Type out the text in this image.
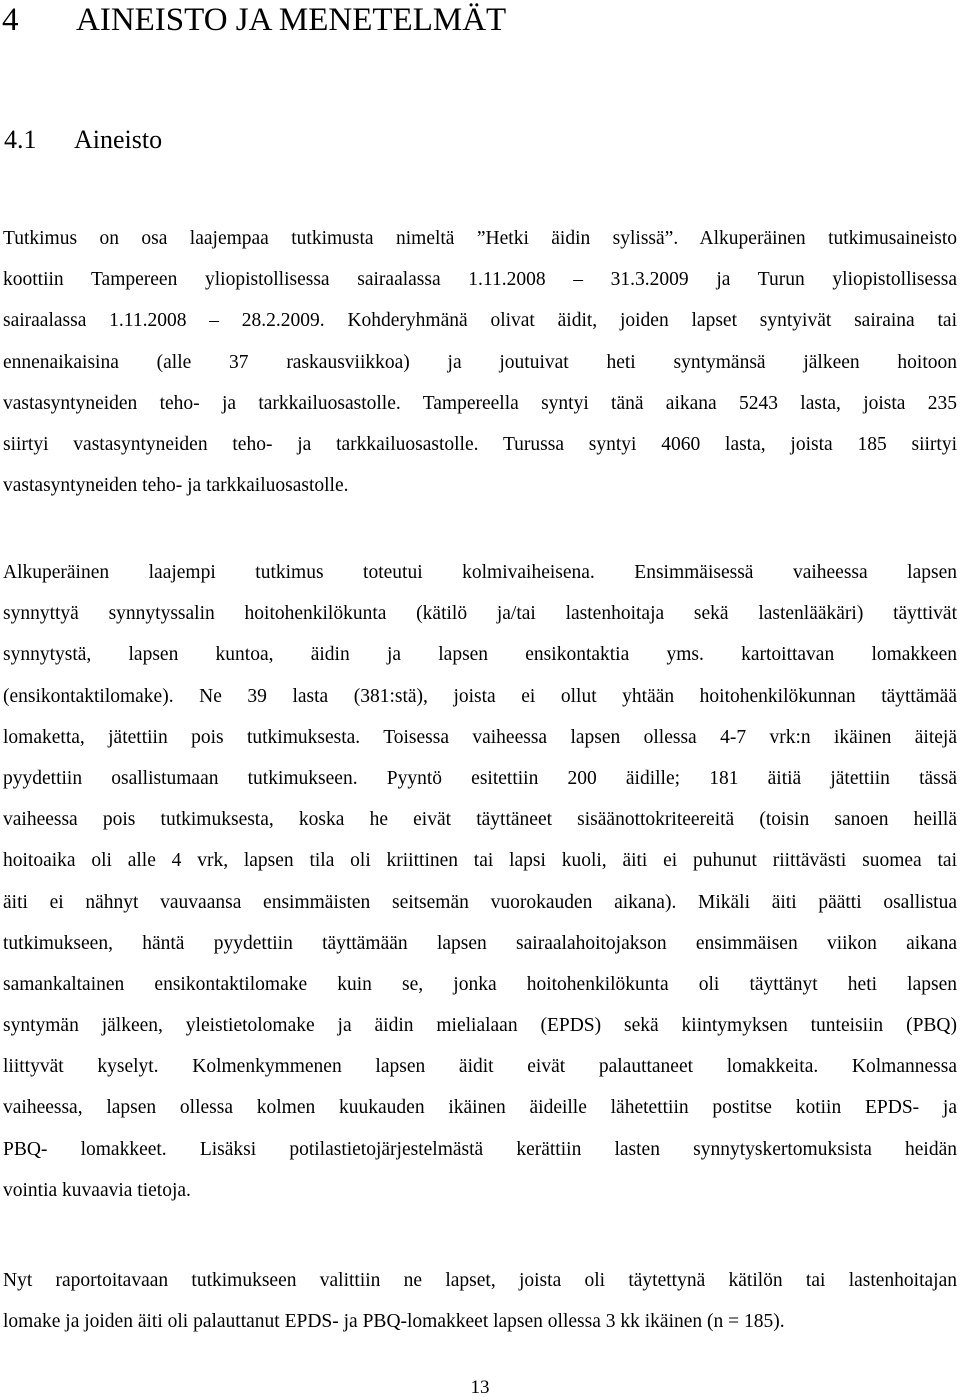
4 AINEISTO JA MENETELMÄT
4.1 Aineisto

Tutkimus on osa laajempaa tutkimusta nimeltä ”Hetki äidin sylissä”. Alkuperäinen tutkimusaineisto
koottiin Tampereen yliopistollisessa sairaalassa 1.11.2008 – 31.3.2009 ja Turun yliopistollisessa
sairaalassa 1.11.2008 – 28.2.2009. Kohderyhmänä olivat äidit, joiden lapset syntyivät sairaina tai
ennenaikaisina (alle 37 raskausviikkoa) ja joutuivat heti syntymänsä jälkeen hoitoon
vastasyntyneiden teho- ja tarkkailuosastolle. Tampereella syntyi tänä aikana 5243 lasta, joista 235
siirtyi vastasyntyneiden teho- ja tarkkailuosastolle. Turussa syntyi 4060 lasta, joista 185 siirtyi
vastasyntyneiden teho- ja tarkkailuosastolle.

Alkuperäinen laajempi tutkimus toteutui kolmivaiheisena. Ensimmäisessä vaiheessa lapsen
synnyttyä synnytyssalin hoitohenkilökunta (kätilö ja/tai lastenhoitaja sekä lastenlääkäri) täyttivät
synnytystä, lapsen kuntoa, äidin ja lapsen ensikontaktia yms. kartoittavan lomakkeen
(ensikontaktilomake). Ne 39 lasta (381:stä), joista ei ollut yhtään hoitohenkilökunnan täyttämää
lomaketta, jätettiin pois tutkimuksesta. Toisessa vaiheessa lapsen ollessa 4-7 vrk:n ikäinen äitejä
pyydettiin osallistumaan tutkimukseen. Pyyntö esitettiin 200 äidille; 181 äitiä jätettiin tässä
vaiheessa pois tutkimuksesta, koska he eivät täyttäneet sisäänottokriteereitä (toisin sanoen heillä
hoitoaika oli alle 4 vrk, lapsen tila oli kriittinen tai lapsi kuoli, äiti ei puhunut riittävästi suomea tai
äiti ei nähnyt vauvaansa ensimmäisten seitsemän vuorokauden aikana). Mikäli äiti päätti osallistua
tutkimukseen, häntä pyydettiin täyttämään lapsen sairaalahoitojakson ensimmäisen viikon aikana
samankaltainen ensikontaktilomake kuin se, jonka hoitohenkilökunta oli täyttänyt heti lapsen
syntymän jälkeen, yleistietolomake ja äidin mielialaan (EPDS) sekä kiintymyksen tunteisiin (PBQ)
liittyvät kyselyt. Kolmenkymmenen lapsen äidit eivät palauttaneet lomakkeita. Kolmannessa
vaiheessa, lapsen ollessa kolmen kuukauden ikäinen äideille lähetettiin postitse kotiin EPDS- ja
PBQ- lomakkeet. Lisäksi potilastietojärjestelmästä kerättiin lasten synnytyskertomuksista heidän
vointia kuvaavia tietoja.

Nyt raportoitavaan tutkimukseen valittiin ne lapset, joista oli täytettynä kätilön tai lastenhoitajan
lomake ja joiden äiti oli palauttanut EPDS- ja PBQ-lomakkeet lapsen ollessa 3 kk ikäinen (n = 185).

13
